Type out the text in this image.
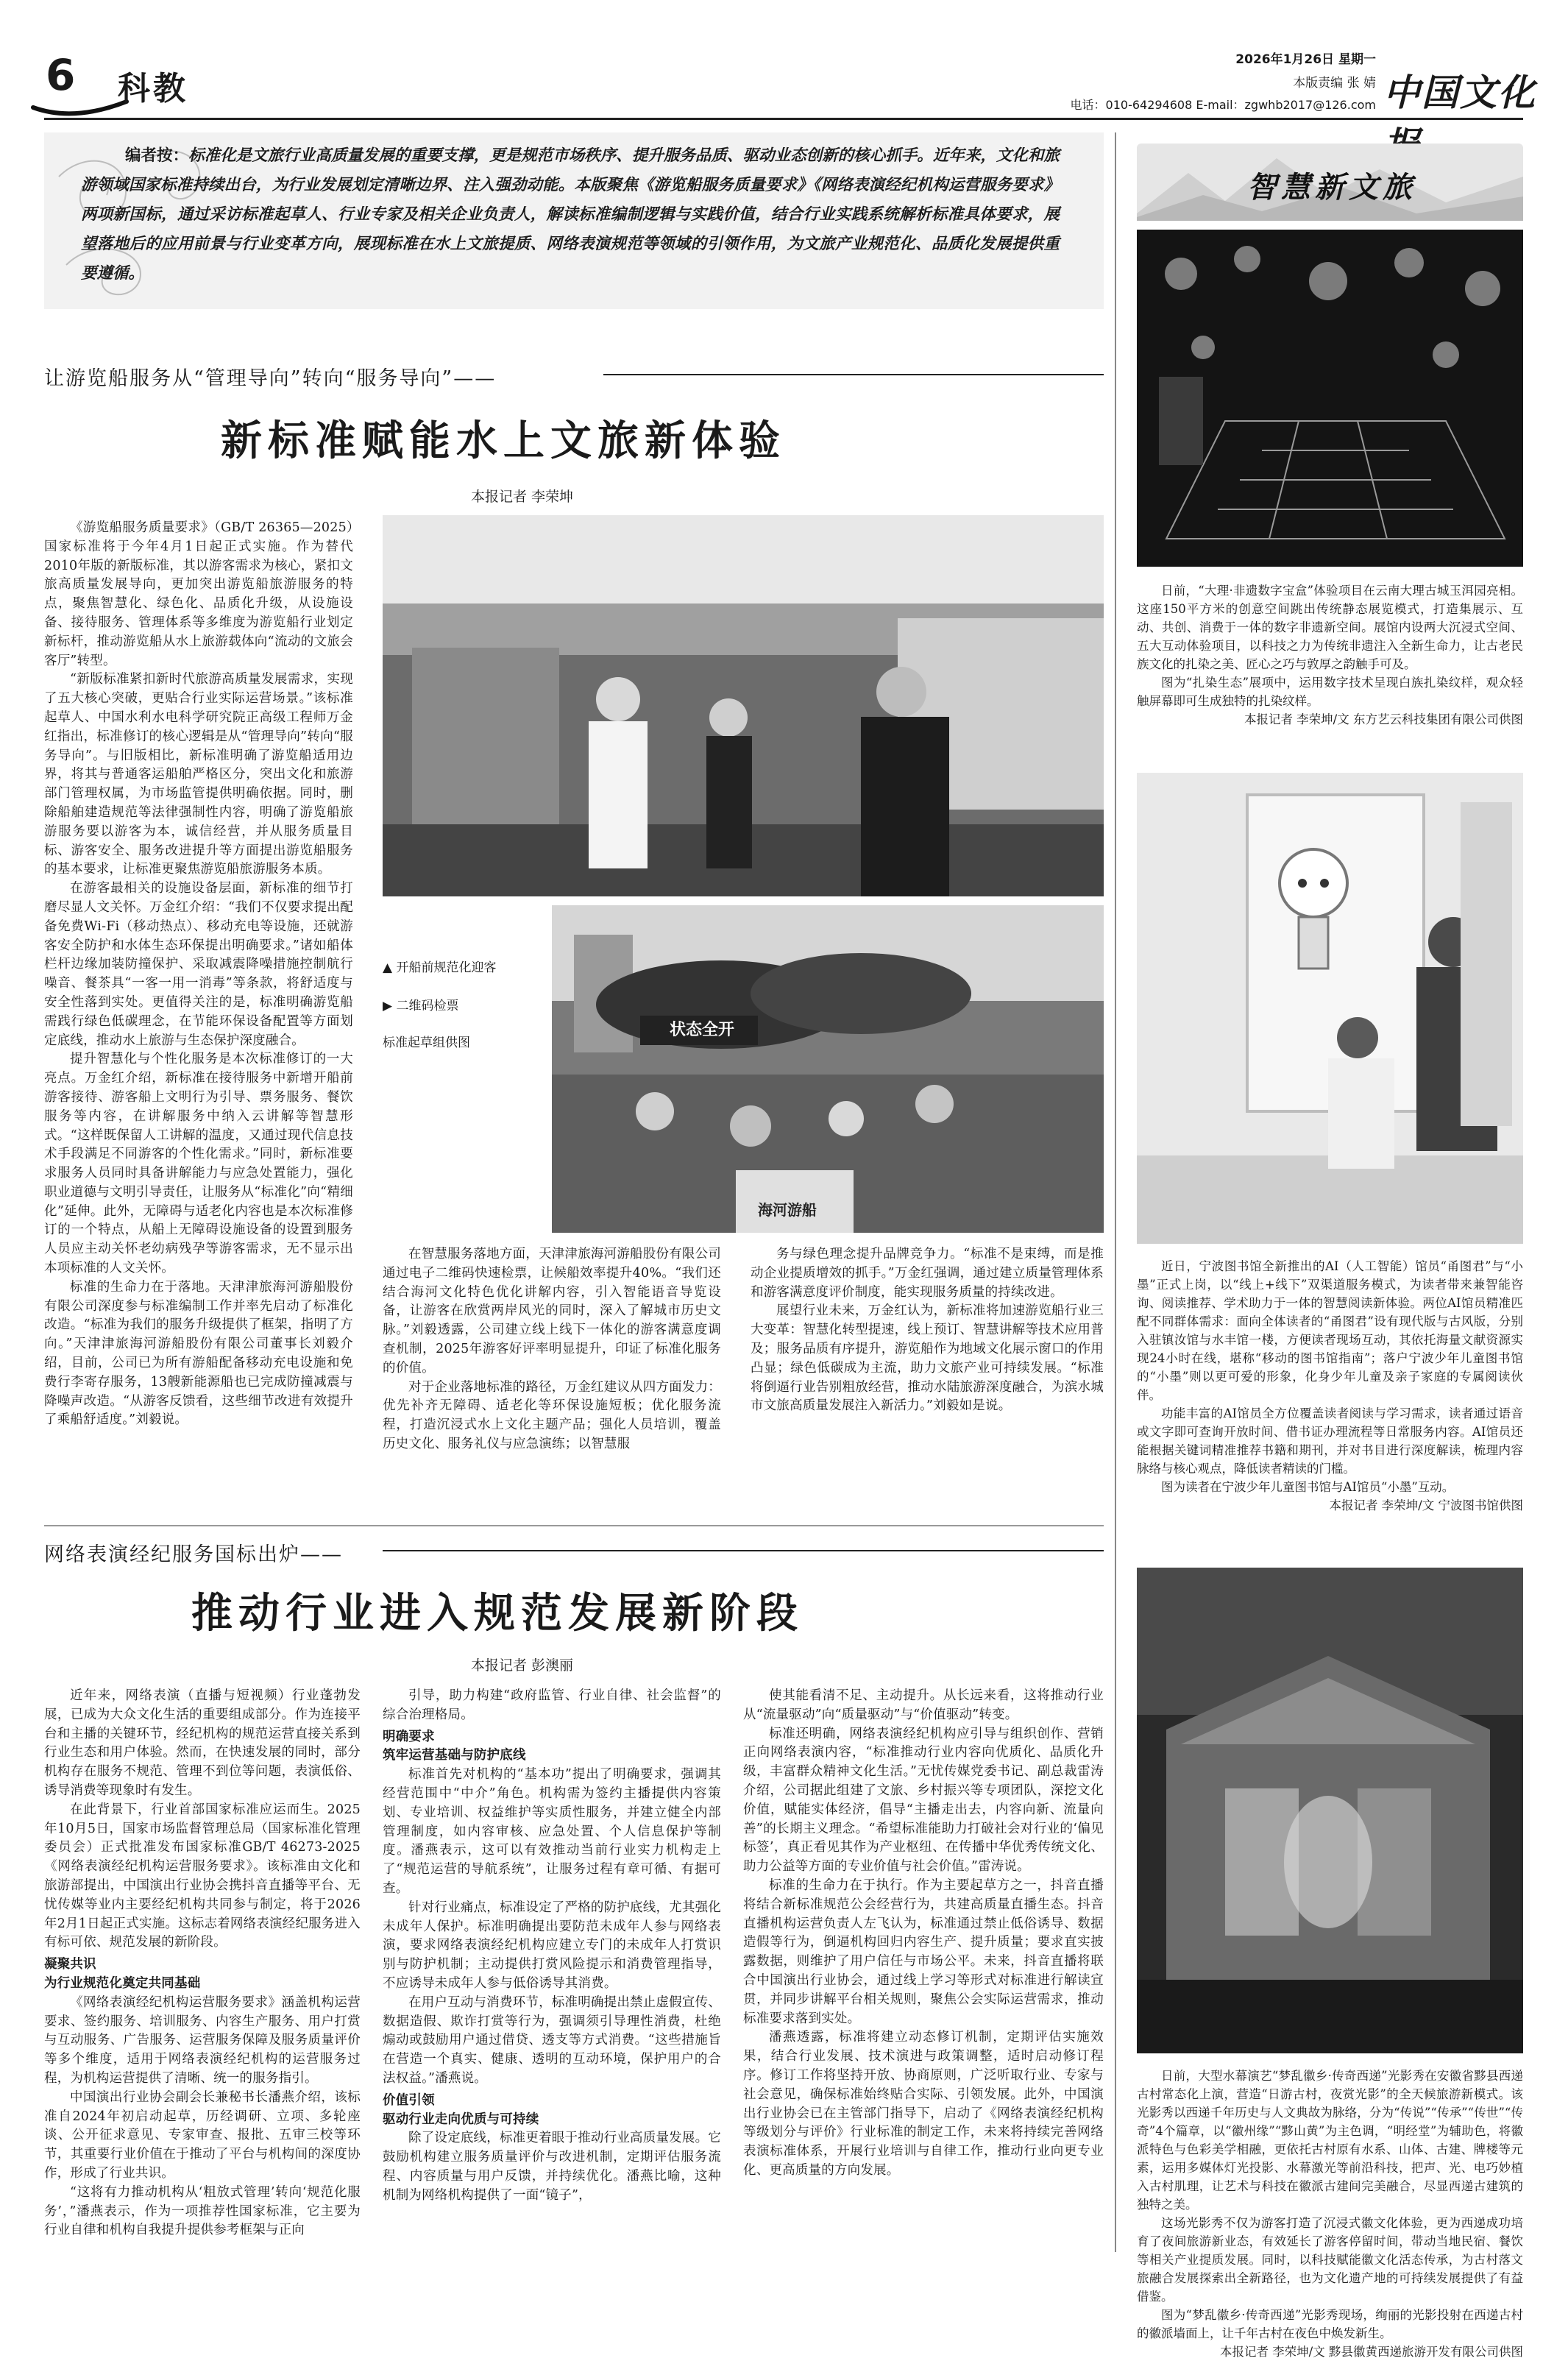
6 科教
2026年1月26日 星期一
本版责编 张 婧
电话：010-64294608 E-mail：zgwhb2017@126.com 中国文化
编者按：标准化是文旅行业高质量发展的重要支撑，更是规范市场秩序、提升服务品质、驱动业态创新的核心抓手。近年来，文化和旅游领域国家标准持续出台，为行业发展划定清晰边界、注入强劲动能。本版聚焦《游览船服务质量要求》《网络表演经纪机构运营服务要求》两项新国标，通过采访标准起草人、行业专家及相关企业负责人，解读标准编制逻辑与实践价值，结合行业实践系统解析标准具体要求，展望落地后的应用前景与行业变革方向，展现标准在水上文旅提质、网络表演规范等领域的引领作用，为文旅产业规范化、品质化发展提供重要遵循。
智慧新文旅
让游览船服务从“管理导向”转向“服务导向”——
新标准赋能水上文旅新体验
本报记者 李荣坤

《游览船服务质量要求》（GB/T 26365—2025）国家标准将于今年4月1日起正式实施。作为替代2010年版的新版标准，其以游客需求为核心，紧扣文旅高质量发展导向，更加突出游览船旅游服务的特点，聚焦智慧化、绿色化、品质化升级，从设施设备、接待服务、管理体系等多维度为游览船行业划定新标杆，推动游览船从水上旅游载体向“流动的文旅会客厅”转型。

“新版标准紧扣新时代旅游高质量发展需求，实现了五大核心突破，更贴合行业实际运营场景。”该标准起草人、中国水利水电科学研究院正高级工程师万金红指出，标准修订的核心逻辑是从“管理导向”转向“服务导向”。与旧版相比，新标准明确了游览船适用边界，将其与普通客运船舶严格区分，突出文化和旅游部门管理权属，为市场监管提供明确依据。同时，删除船舶建造规范等法律强制性内容，明确了游览船旅游服务要以游客为本，诚信经营，并从服务质量目标、游客安全、服务改进提升等方面提出游览船服务的基本要求，让标准更聚焦游览船旅游服务本质。

在游客最相关的设施设备层面，新标准的细节打磨尽显人文关怀。万金红介绍：“我们不仅要求提出配备免费Wi-Fi（移动热点）、移动充电等设施，还就游客安全防护和水体生态环保提出明确要求。”诸如船体栏杆边缘加装防撞保护、采取减震降噪措施控制航行噪音、餐茶具“一客一用一消毒”等条款，将舒适度与安全性落到实处。更值得关注的是，标准明确游览船需践行绿色低碳理念，在节能环保设备配置等方面划定底线，推动水上旅游与生态保护深度融合。

提升智慧化与个性化服务是本次标准修订的一大亮点。万金红介绍，新标准在接待服务中新增开船前游客接待、游客船上文明行为引导、票务服务、餐饮服务等内容，在讲解服务中纳入云讲解等智慧形式。“这样既保留人工讲解的温度，又通过现代信息技术手段满足不同游客的个性化需求。”同时，新标准要求服务人员同时具备讲解能力与应急处置能力，强化职业道德与文明引导责任，让服务从“标准化”向“精细化”延伸。此外，无障碍与适老化内容也是本次标准修订的一个特点，从船上无障碍设施设备的设置到服务人员应主动关怀老幼病残孕等游客需求，无不显示出本项标准的人文关怀。

标准的生命力在于落地。天津津旅海河游船股份有限公司深度参与标准编制工作并率先启动了标准化改造。“标准为我们的服务升级提供了框架，指明了方向。”天津津旅海河游船股份有限公司董事长刘毅介绍，目前，公司已为所有游船配备移动充电设施和免费行李寄存服务，13艘新能源船也已完成防撞减震与降噪声改造。“从游客反馈看，这些细节改进有效提升了乘船舒适度。”刘毅说。

状态全开
海河游船
▲ 开船前规范化迎客
▶ 二维码检票
标准起草组供图

在智慧服务落地方面，天津津旅海河游船股份有限公司通过电子二维码快速检票，让候船效率提升40%。“我们还结合海河文化特色优化讲解内容，引入智能语音导览设备，让游客在欣赏两岸风光的同时，深入了解城市历史文脉。”刘毅透露，公司建立线上线下一体化的游客满意度调查机制，2025年游客好评率明显提升，印证了标准化服务的价值。

对于企业落地标准的路径，万金红建议从四方面发力：优先补齐无障碍、适老化等环保设施短板；优化服务流程，打造沉浸式水上文化主题产品；强化人员培训，覆盖历史文化、服务礼仪与应急演练；以智慧服

务与绿色理念提升品牌竞争力。“标准不是束缚，而是推动企业提质增效的抓手。”万金红强调，通过建立质量管理体系和游客满意度评价制度，能实现服务质量的持续改进。

展望行业未来，万金红认为，新标准将加速游览船行业三大变革：智慧化转型提速，线上预订、智慧讲解等技术应用普及；服务品质有序提升，游览船作为地域文化展示窗口的作用凸显；绿色低碳成为主流，助力文旅产业可持续发展。“标准将倒逼行业告别粗放经营，推动水陆旅游深度融合，为滨水城市文旅高质量发展注入新活力。”刘毅如是说。

网络表演经纪服务国标出炉——
推动行业进入规范发展新阶段
本报记者 彭澳丽

近年来，网络表演（直播与短视频）行业蓬勃发展，已成为大众文化生活的重要组成部分。作为连接平台和主播的关键环节，经纪机构的规范运营直接关系到行业生态和用户体验。然而，在快速发展的同时，部分机构存在服务不规范、管理不到位等问题，表演低俗、诱导消费等现象时有发生。

在此背景下，行业首部国家标准应运而生。2025年10月5日，国家市场监督管理总局（国家标准化管理委员会）正式批准发布国家标准GB/T 46273-2025《网络表演经纪机构运营服务要求》。该标准由文化和旅游部提出，中国演出行业协会携抖音直播等平台、无忧传媒等业内主要经纪机构共同参与制定，将于2026年2月1日起正式实施。这标志着网络表演经纪服务进入有标可依、规范发展的新阶段。

凝聚共识

为行业规范化奠定共同基础

《网络表演经纪机构运营服务要求》涵盖机构运营要求、签约服务、培训服务、内容生产服务、用户打赏与互动服务、广告服务、运营服务保障及服务质量评价等多个维度，适用于网络表演经纪机构的运营服务过程，为机构运营提供了清晰、统一的服务指引。

中国演出行业协会副会长兼秘书长潘燕介绍，该标准自2024年初启动起草，历经调研、立项、多轮座谈、公开征求意见、专家审查、报批、五审三校等环节，其重要行业价值在于推动了平台与机构间的深度协作，形成了行业共识。

“这将有力推动机构从‘粗放式管理’转向‘规范化服务’，”潘燕表示，作为一项推荐性国家标准，它主要为行业自律和机构自我提升提供参考框架与正向

引导，助力构建“政府监管、行业自律、社会监督”的综合治理格局。

明确要求

筑牢运营基础与防护底线

标准首先对机构的“基本功”提出了明确要求，强调其经营范围中“中介”角色。机构需为签约主播提供内容策划、专业培训、权益维护等实质性服务，并建立健全内部管理制度，如内容审核、应急处置、个人信息保护等制度。潘燕表示，这可以有效推动当前行业实力机构走上了“规范运营的导航系统”，让服务过程有章可循、有据可查。

针对行业痛点，标准设定了严格的防护底线，尤其强化未成年人保护。标准明确提出要防范未成年人参与网络表演，要求网络表演经纪机构应建立专门的未成年人打赏识别与防护机制；主动提供打赏风险提示和消费管理指导，不应诱导未成年人参与低俗诱导其消费。

在用户互动与消费环节，标准明确提出禁止虚假宣传、数据造假、欺诈打赏等行为，强调须引导理性消费，杜绝煽动或鼓励用户通过借贷、透支等方式消费。“这些措施旨在营造一个真实、健康、透明的互动环境，保护用户的合法权益。”潘燕说。

价值引领

驱动行业走向优质与可持续

除了设定底线，标准更着眼于推动行业高质量发展。它鼓励机构建立服务质量评价与改进机制，定期评估服务流程、内容质量与用户反馈，并持续优化。潘燕比喻，这种机制为网络机构提供了一面“镜子”，

使其能看清不足、主动提升。从长远来看，这将推动行业从“流量驱动”向“质量驱动”与“价值驱动”转变。

标准还明确，网络表演经纪机构应引导与组织创作、营销正向网络表演内容，“标准推动行业内容向优质化、品质化升级，丰富群众精神文化生活。”无忧传媒党委书记、副总裁雷涛介绍，公司据此组建了文旅、乡村振兴等专项团队，深挖文化价值，赋能实体经济，倡导“主播走出去，内容向新、流量向善”的长期主义理念。“希望标准能助力打破社会对行业的‘偏见标签’，真正看见其作为产业枢纽、在传播中华优秀传统文化、助力公益等方面的专业价值与社会价值。”雷涛说。

标准的生命力在于执行。作为主要起草方之一，抖音直播将结合新标准规范公会经营行为，共建高质量直播生态。抖音直播机构运营负责人左飞认为，标准通过禁止低俗诱导、数据造假等行为，倒逼机构回归内容生产、提升质量；要求直实披露数据，则维护了用户信任与市场公平。未来，抖音直播将联合中国演出行业协会，通过线上学习等形式对标准进行解读宣贯，并同步讲解平台相关规则，聚焦公会实际运营需求，推动标准要求落到实处。

潘燕透露，标准将建立动态修订机制，定期评估实施效果，结合行业发展、技术演进与政策调整，适时启动修订程序。修订工作将坚持开放、协商原则，广泛听取行业、专家与社会意见，确保标准始终贴合实际、引领发展。此外，中国演出行业协会已在主管部门指导下，启动了《网络表演经纪机构等级划分与评价》行业标准的制定工作，未来将持续完善网络表演标准体系，开展行业培训与自律工作，推动行业向更专业化、更高质量的方向发展。

日前，“大理·非遗数字宝盒”体验项目在云南大理古城玉洱园亮相。这座150平方米的创意空间跳出传统静态展览模式，打造集展示、互动、共创、消费于一体的数字非遗新空间。展馆内设两大沉浸式空间、五大互动体验项目，以科技之力为传统非遗注入全新生命力，让古老民族文化的扎染之美、匠心之巧与敦厚之韵触手可及。

图为“扎染生态”展项中，运用数字技术呈现白族扎染纹样，观众轻触屏幕即可生成独特的扎染纹样。

本报记者 李荣坤/文 东方艺云科技集团有限公司供图

近日，宁波图书馆全新推出的AI（人工智能）馆员“甬图君”与“小墨”正式上岗，以“线上+线下”双渠道服务模式，为读者带来兼智能咨询、阅读推荐、学术助力于一体的智慧阅读新体验。两位AI馆员精准匹配不同群体需求：面向全体读者的“甬图君”设有现代版与古风版，分别入驻镇汝馆与水丰馆一楼，方便读者现场互动，其依托海量文献资源实现24小时在线，堪称“移动的图书馆指南”；落户宁波少年儿童图书馆的“小墨”则以更可爱的形象，化身少年儿童及亲子家庭的专属阅读伙伴。

功能丰富的AI馆员全方位覆盖读者阅读与学习需求，读者通过语音或文字即可查询开放时间、借书证办理流程等日常服务内容。AI馆员还能根据关键词精准推荐书籍和期刊，并对书目进行深度解读，梳理内容脉络与核心观点，降低读者精读的门槛。

图为读者在宁波少年儿童图书馆与AI馆员“小墨”互动。

本报记者 李荣坤/文 宁波图书馆供图

日前，大型水幕演艺“梦乱徽乡·传奇西递”光影秀在安徽省黟县西递古村常态化上演，营造“日游古村，夜赏光影”的全天候旅游新模式。该光影秀以西递千年历史与人文典故为脉络，分为“传说”“传承”“传世”“传奇”4个篇章，以“徽州缘”“黟山黄”为主色调，“明经堂”为辅助色，将徽派特色与色彩美学相融，更依托古村原有水系、山体、古建、牌楼等元素，运用多媒体灯光投影、水幕激光等前沿科技，把声、光、电巧妙植入古村肌理，让艺术与科技在徽派古建间完美融合，尽显西递古建筑的独特之美。

这场光影秀不仅为游客打造了沉浸式徽文化体验，更为西递成功培育了夜间旅游新业态，有效延长了游客停留时间，带动当地民宿、餐饮等相关产业提质发展。同时，以科技赋能徽文化活态传承，为古村落文旅融合发展探索出全新路径，也为文化遗产地的可持续发展提供了有益借鉴。

图为“梦乱徽乡·传奇西递”光影秀现场，绚丽的光影投射在西递古村的徽派墙面上，让千年古村在夜色中焕发新生。

本报记者 李荣坤/文 黟县徽黄西递旅游开发有限公司供图
